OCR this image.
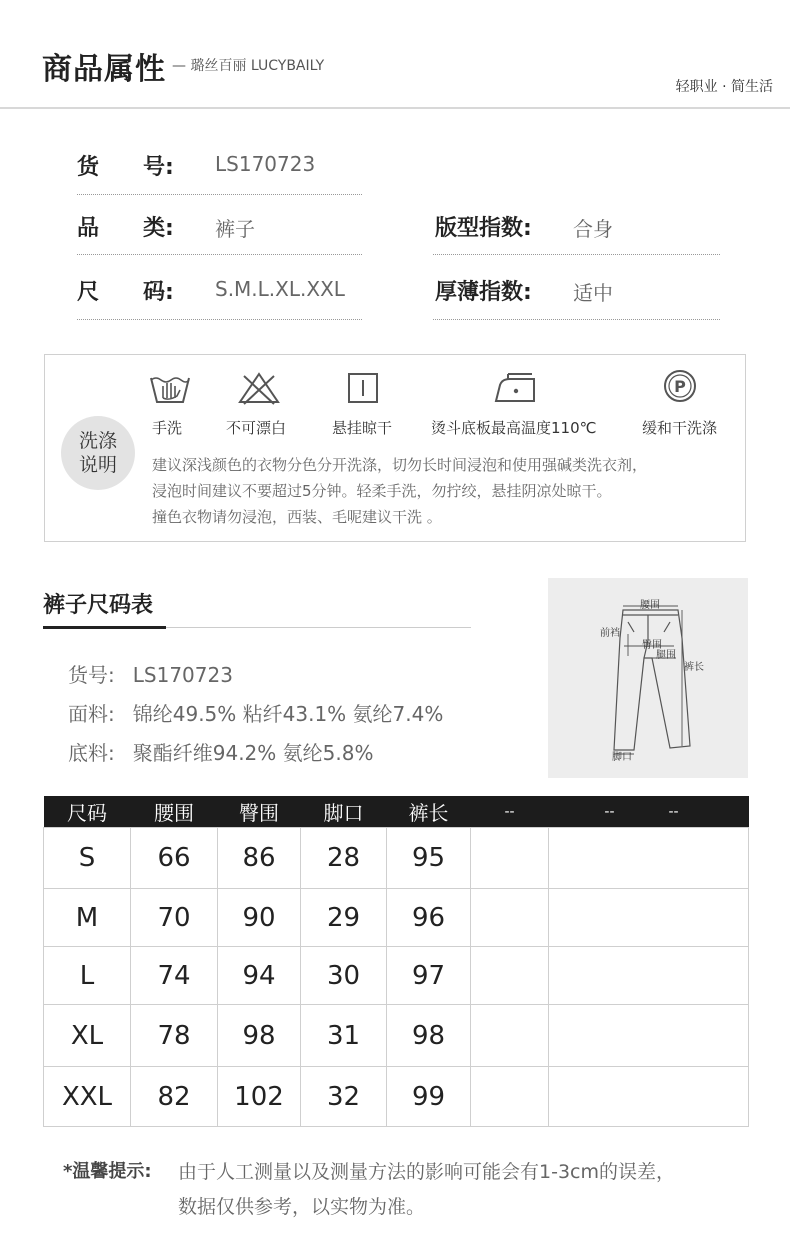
商品属性 — 璐丝百丽 LUCYBAILY
轻职业 · 简生活
货　　号: LS170723
品　　类: 裤子	版型指数: 合身
尺　　码: S.M.L.XL.XXL	厚薄指数: 适中
洗涤
说明
手洗	不可漂白	悬挂晾干	烫斗底板最高温度110℃
P
缓和干洗涤
建议深浅颜色的衣物分色分开洗涤，切勿长时间浸泡和使用强碱类洗衣剂，
浸泡时间建议不要超过5分钟。轻柔手洗，勿拧绞，悬挂阴凉处晾干。
撞色衣物请勿浸泡，西装、毛呢建议干洗 。
裤子尺码表
货号: LS170723
面料: 锦纶49.5% 粘纤43.1% 氨纶7.4%
底料: 聚酯纤维94.2% 氨纶5.8%
腰围
前裆
臀围
腿围
裤长
脚口
尺码	腰围	臀围	脚口	裤长	--	--	--
S	66	86	28	95			
M	70	90	29	96			
L	74	94	30	97			
XL	78	98	31	98			
XXL	82	102	32	99			
*温馨提示: 由于人工测量以及测量方法的影响可能会有1-3cm的误差，
数据仅供参考，以实物为准。
